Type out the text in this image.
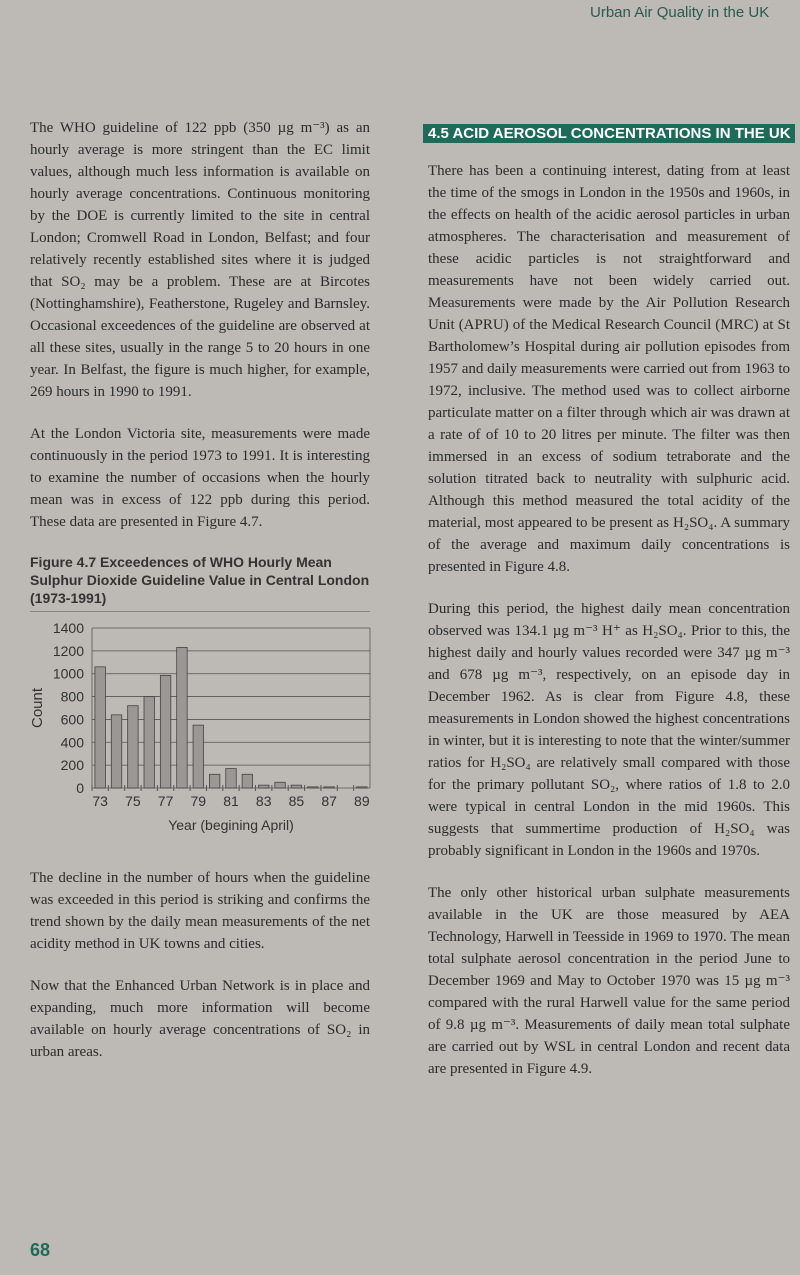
Urban Air Quality in the UK

The WHO guideline of 122 ppb (350 µg m⁻³) as an hourly average is more stringent than the EC limit values, although much less information is available on hourly average concentrations. Continuous monitoring by the DOE is currently limited to the site in central London; Cromwell Road in London, Belfast; and four relatively recently established sites where it is judged that SO₂ may be a problem. These are at Bircotes (Nottinghamshire), Featherstone, Rugeley and Barnsley. Occasional exceedences of the guideline are observed at all these sites, usually in the range 5 to 20 hours in one year. In Belfast, the figure is much higher, for example, 269 hours in 1990 to 1991.

At the London Victoria site, measurements were made continuously in the period 1973 to 1991. It is interesting to examine the number of occasions when the hourly mean was in excess of 122 ppb during this period. These data are presented in Figure 4.7.

Figure 4.7 Exceedences of WHO Hourly Mean Sulphur Dioxide Guideline Value in Central London (1973-1991)

0
200
400
600
800
1000
1200
1400
73 75 77 79 81 83 85 87 89
Year (begining April)
Count

The decline in the number of hours when the guideline was exceeded in this period is striking and confirms the trend shown by the daily mean measurements of the net acidity method in UK towns and cities.

Now that the Enhanced Urban Network is in place and expanding, much more information will become available on hourly average concentrations of SO₂ in urban areas.

4.5 ACID AEROSOL CONCENTRATIONS IN THE UK

There has been a continuing interest, dating from at least the time of the smogs in London in the 1950s and 1960s, in the effects on health of the acidic aerosol particles in urban atmospheres. The characterisation and measurement of these acidic particles is not straightforward and measurements have not been widely carried out. Measurements were made by the Air Pollution Research Unit (APRU) of the Medical Research Council (MRC) at St Bartholomew’s Hospital during air pollution episodes from 1957 and daily measurements were carried out from 1963 to 1972, inclusive. The method used was to collect airborne particulate matter on a filter through which air was drawn at a rate of of 10 to 20 litres per minute. The filter was then immersed in an excess of sodium tetraborate and the solution titrated back to neutrality with sulphuric acid. Although this method measured the total acidity of the material, most appeared to be present as H₂SO₄. A summary of the average and maximum daily concentrations is presented in Figure 4.8.

During this period, the highest daily mean concentration observed was 134.1 µg m⁻³ H⁺ as H₂SO₄. Prior to this, the highest daily and hourly values recorded were 347 µg m⁻³ and 678 µg m⁻³, respectively, on an episode day in December 1962. As is clear from Figure 4.8, these measurements in London showed the highest concentrations in winter, but it is interesting to note that the winter/summer ratios for H₂SO₄ are relatively small compared with those for the primary pollutant SO₂, where ratios of 1.8 to 2.0 were typical in central London in the mid 1960s. This suggests that summertime production of H₂SO₄ was probably significant in London in the 1960s and 1970s.

The only other historical urban sulphate measurements available in the UK are those measured by AEA Technology, Harwell in Teesside in 1969 to 1970. The mean total sulphate aerosol concentration in the period June to December 1969 and May to October 1970 was 15 µg m⁻³ compared with the rural Harwell value for the same period of 9.8 µg m⁻³. Measurements of daily mean total sulphate are carried out by WSL in central London and recent data are presented in Figure 4.9.

68
